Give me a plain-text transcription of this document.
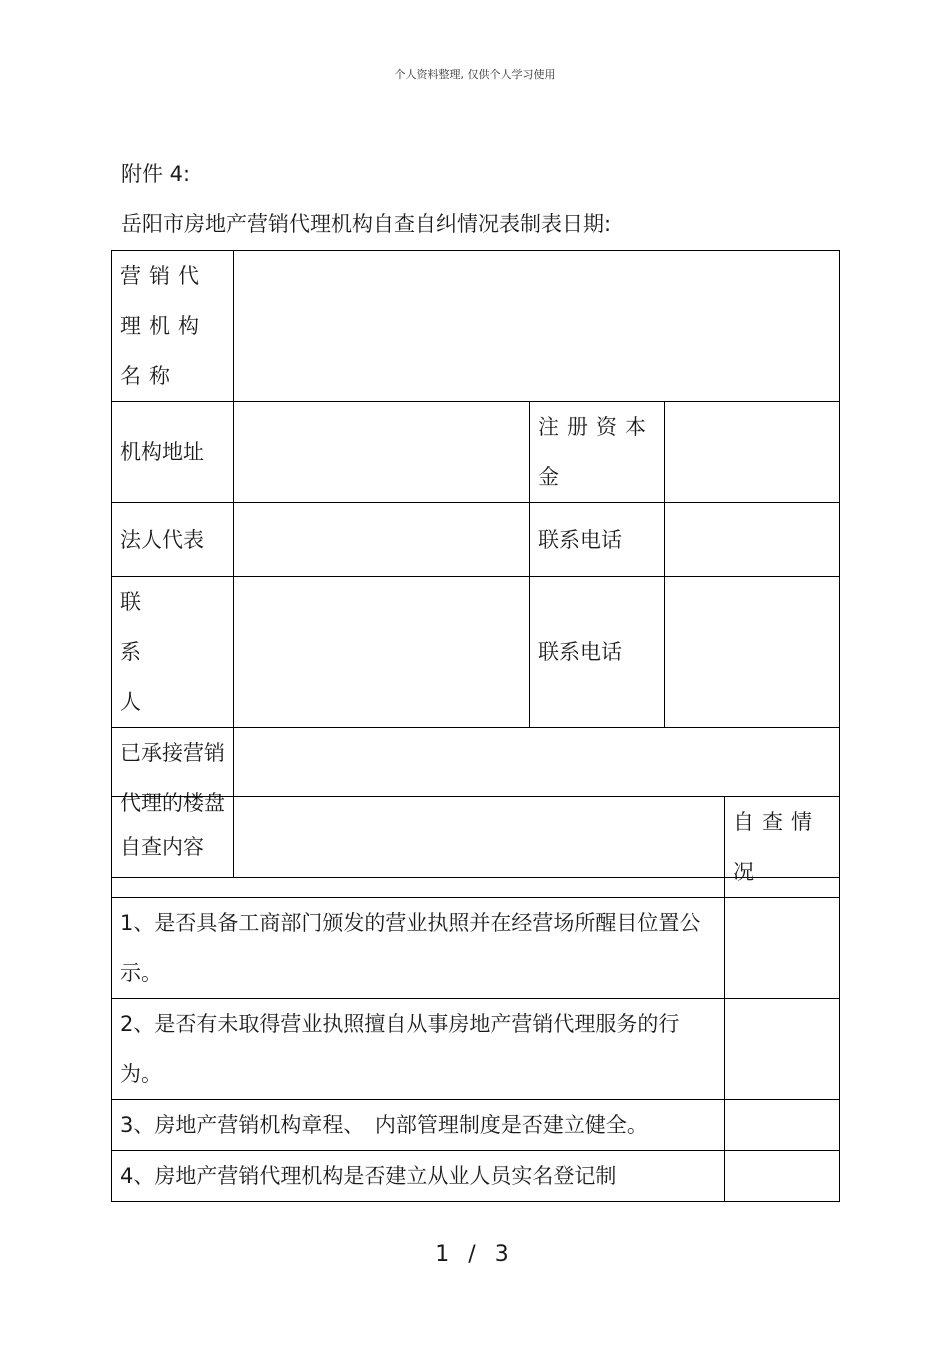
个人资料整理, 仅供个人学习使用
附件 4:
岳阳市房地产营销代理机构自查自纠情况表制表日期:
营销代理机构名称			
机构地址		注册资本金	
法人代表		联系电话	
联 系 人		联系电话	
已承接营销代理的楼盘			
自查内容	自查情况
1、是否具备工商部门颁发的营业执照并在经营场所醒目位置公示。	
2、是否有未取得营业执照擅自从事房地产营销代理服务的行为。	
3、房地产营销机构章程、　内部管理制度是否建立健全。	
4、房地产营销代理机构是否建立从业人员实名登记制	
1 / 3
